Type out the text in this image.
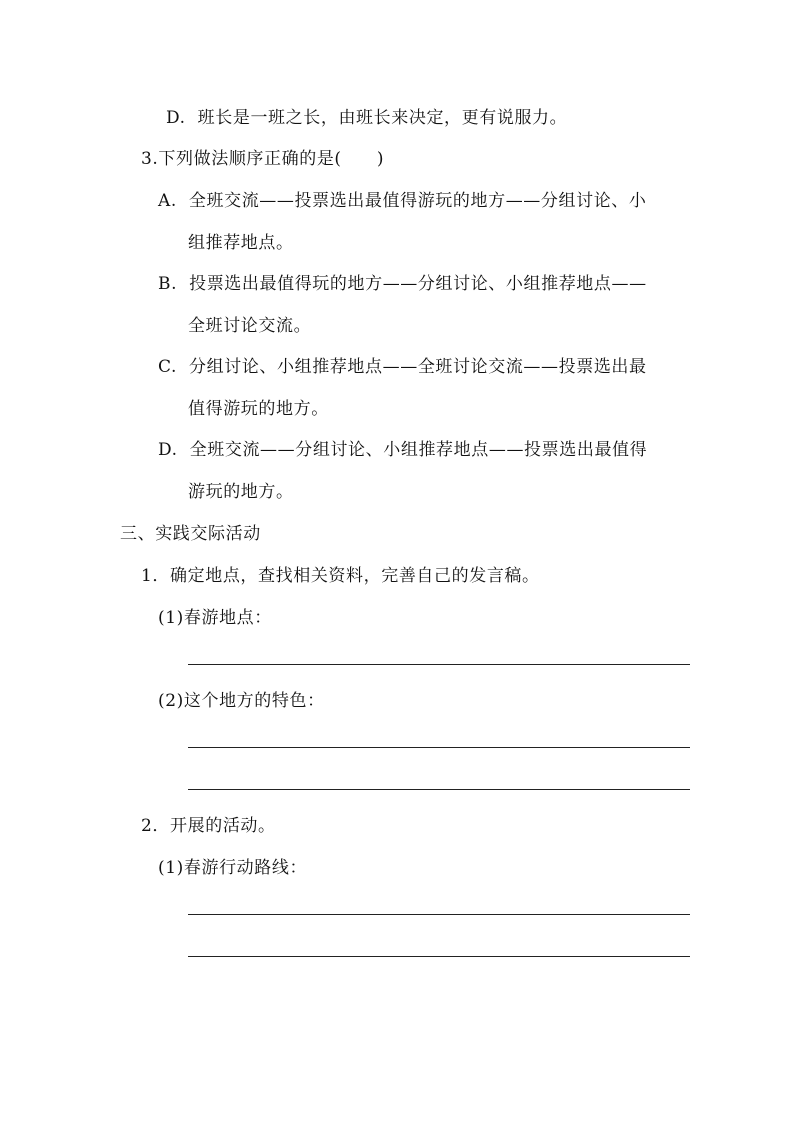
D. 班长是一班之长，由班长来决定，更有说服力。
3.下列做法顺序正确的是(　　)
A. 全班交流——投票选出最值得游玩的地方——分组讨论、小
组推荐地点。
B. 投票选出最值得玩的地方——分组讨论、小组推荐地点——
全班讨论交流。
C. 分组讨论、小组推荐地点——全班讨论交流——投票选出最
值得游玩的地方。
D. 全班交流——分组讨论、小组推荐地点——投票选出最值得
游玩的地方。
三、实践交际活动
1．确定地点，查找相关资料，完善自己的发言稿。
(1)春游地点：
(2)这个地方的特色：
2．开展的活动。
(1)春游行动路线：
